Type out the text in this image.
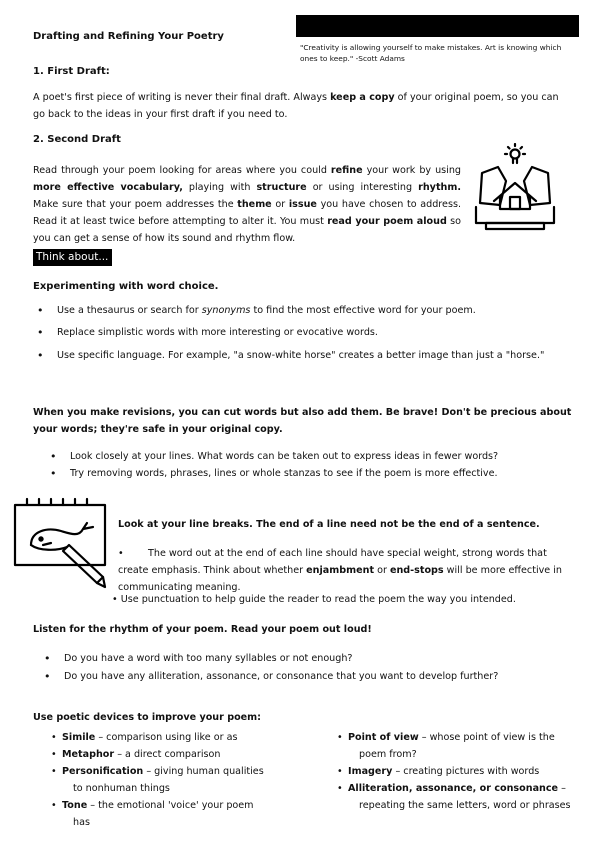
Drafting and Refining Your Poetry
"Creativity is allowing yourself to make mistakes. Art is knowing which ones to keep." -Scott Adams
1. First Draft:
A poet's first piece of writing is never their final draft. Always keep a copy of your original poem, so you can go back to the ideas in your first draft if you need to.
2. Second Draft
Read through your poem looking for areas where you could refine your work by using more effective vocabulary, playing with structure or using interesting rhythm. Make sure that your poem addresses the theme or issue you have chosen to address. Read it at least twice before attempting to alter it. You must read your poem aloud so you can get a sense of how its sound and rhythm flow.
Think about...
Experimenting with word choice.
• Use a thesaurus or search for synonyms to find the most effective word for your poem.
• Replace simplistic words with more interesting or evocative words.
• Use specific language. For example, "a snow-white horse" creates a better image than just a "horse."
When you make revisions, you can cut words but also add them. Be brave! Don't be precious about your words; they're safe in your original copy.
• Look closely at your lines. What words can be taken out to express ideas in fewer words?
• Try removing words, phrases, lines or whole stanzas to see if the poem is more effective.
Look at your line breaks. The end of a line need not be the end of a sentence.
•	The word out at the end of each line should have special weight, strong words that create emphasis. Think about whether enjambment or end-stops will be more effective in communicating meaning.
• Use punctuation to help guide the reader to read the poem the way you intended.
Listen for the rhythm of your poem. Read your poem out loud!
• Do you have a word with too many syllables or not enough?
• Do you have any alliteration, assonance, or consonance that you want to develop further?
Use poetic devices to improve your poem:
• Simile – comparison using like or as
• Metaphor – a direct comparison
• Personification – giving human qualities
to nonhuman things
• Tone – the emotional 'voice' your poem
has
• Point of view – whose point of view is the
poem from?
• Imagery – creating pictures with words
• Alliteration, assonance, or consonance –
repeating the same letters, word or phrases
